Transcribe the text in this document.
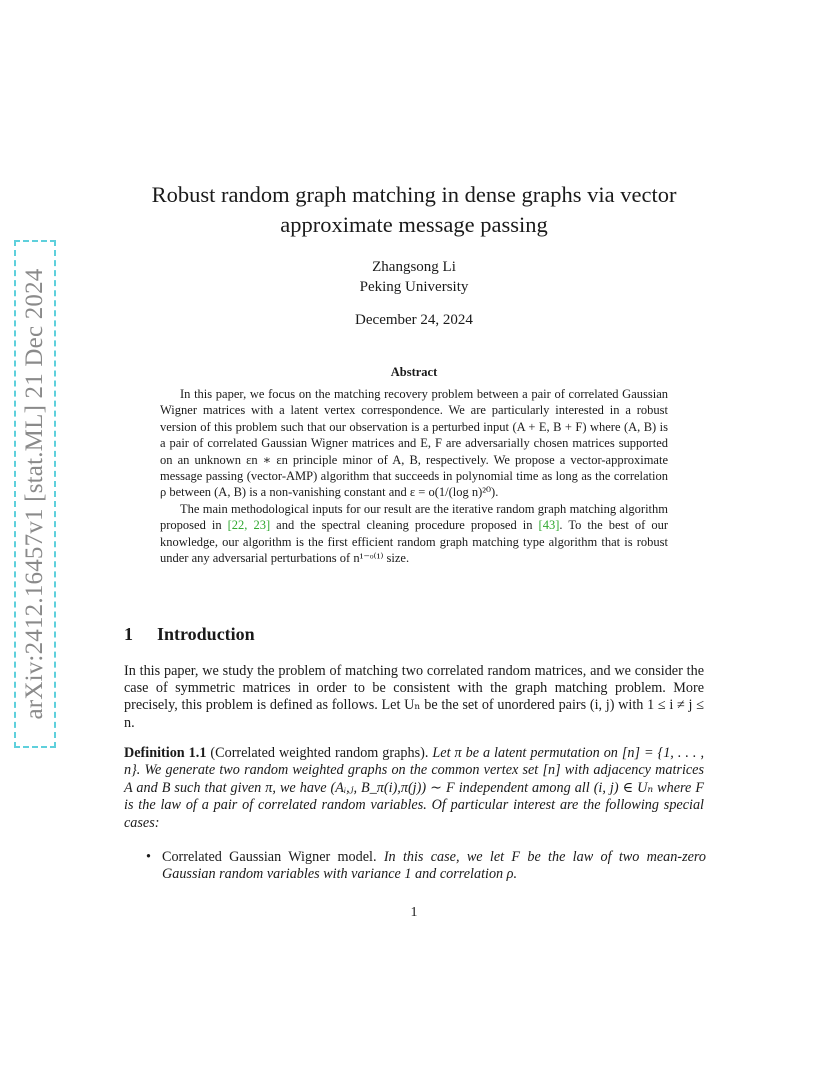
arXiv:2412.16457v1 [stat.ML] 21 Dec 2024
Robust random graph matching in dense graphs via vector approximate message passing
Zhangsong Li
Peking University
December 24, 2024
Abstract

In this paper, we focus on the matching recovery problem between a pair of correlated Gaussian Wigner matrices with a latent vertex correspondence. We are particularly interested in a robust version of this problem such that our observation is a perturbed input (A + E, B + F) where (A, B) is a pair of correlated Gaussian Wigner matrices and E, F are adversarially chosen matrices supported on an unknown εn ∗ εn principle minor of A, B, respectively. We propose a vector-approximate message passing (vector-AMP) algorithm that succeeds in polynomial time as long as the correlation ρ between (A, B) is a non-vanishing constant and ε = o(1/(log n)²⁰).

The main methodological inputs for our result are the iterative random graph matching algorithm proposed in [22, 23] and the spectral cleaning procedure proposed in [43]. To the best of our knowledge, our algorithm is the first efficient random graph matching type algorithm that is robust under any adversarial perturbations of n¹⁻ᵒ⁽¹⁾ size.

1 Introduction

In this paper, we study the problem of matching two correlated random matrices, and we consider the case of symmetric matrices in order to be consistent with the graph matching problem. More precisely, this problem is defined as follows. Let Uₙ be the set of unordered pairs (i, j) with 1 ≤ i ≠ j ≤ n.

Definition 1.1 (Correlated weighted random graphs). Let π be a latent permutation on [n] = {1, . . . , n}. We generate two random weighted graphs on the common vertex set [n] with adjacency matrices A and B such that given π, we have (Aᵢ,ⱼ, B_π(i),π(j)) ∼ F independent among all (i, j) ∈ Uₙ where F is the law of a pair of correlated random variables. Of particular interest are the following special cases:

• Correlated Gaussian Wigner model. In this case, we let F be the law of two mean-zero Gaussian random variables with variance 1 and correlation ρ.
1
